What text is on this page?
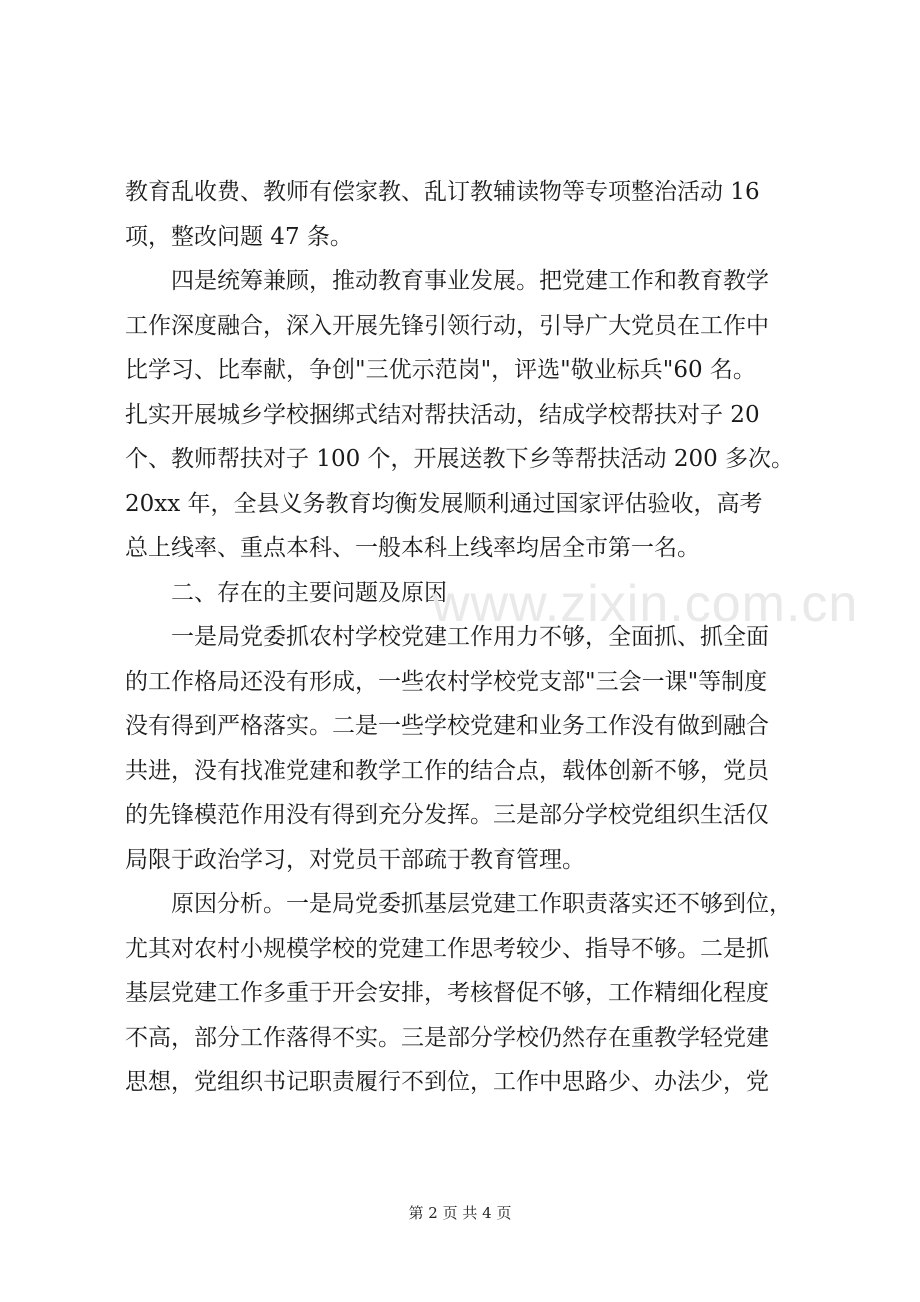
教育乱收费、教师有偿家教、乱订教辅读物等专项整治活动 16
项，整改问题 47 条。
　　四是统筹兼顾，推动教育事业发展。把党建工作和教育教学
工作深度融合，深入开展先锋引领行动，引导广大党员在工作中
比学习、比奉献，争创"三优示范岗"，评选"敬业标兵"60 名。
扎实开展城乡学校捆绑式结对帮扶活动，结成学校帮扶对子 20
个、教师帮扶对子 100 个，开展送教下乡等帮扶活动 200 多次。
20xx 年，全县义务教育均衡发展顺利通过国家评估验收，高考
总上线率、重点本科、一般本科上线率均居全市第一名。
　　二、存在的主要问题及原因
　　一是局党委抓农村学校党建工作用力不够，全面抓、抓全面
的工作格局还没有形成，一些农村学校党支部"三会一课"等制度
没有得到严格落实。二是一些学校党建和业务工作没有做到融合
共进，没有找准党建和教学工作的结合点，载体创新不够，党员
的先锋模范作用没有得到充分发挥。三是部分学校党组织生活仅
局限于政治学习，对党员干部疏于教育管理。
　　原因分析。一是局党委抓基层党建工作职责落实还不够到位，
尤其对农村小规模学校的党建工作思考较少、指导不够。二是抓
基层党建工作多重于开会安排，考核督促不够，工作精细化程度
不高，部分工作落得不实。三是部分学校仍然存在重教学轻党建
思想，党组织书记职责履行不到位，工作中思路少、办法少，党
www.zixin.com.cn
第 2 页 共 4 页
